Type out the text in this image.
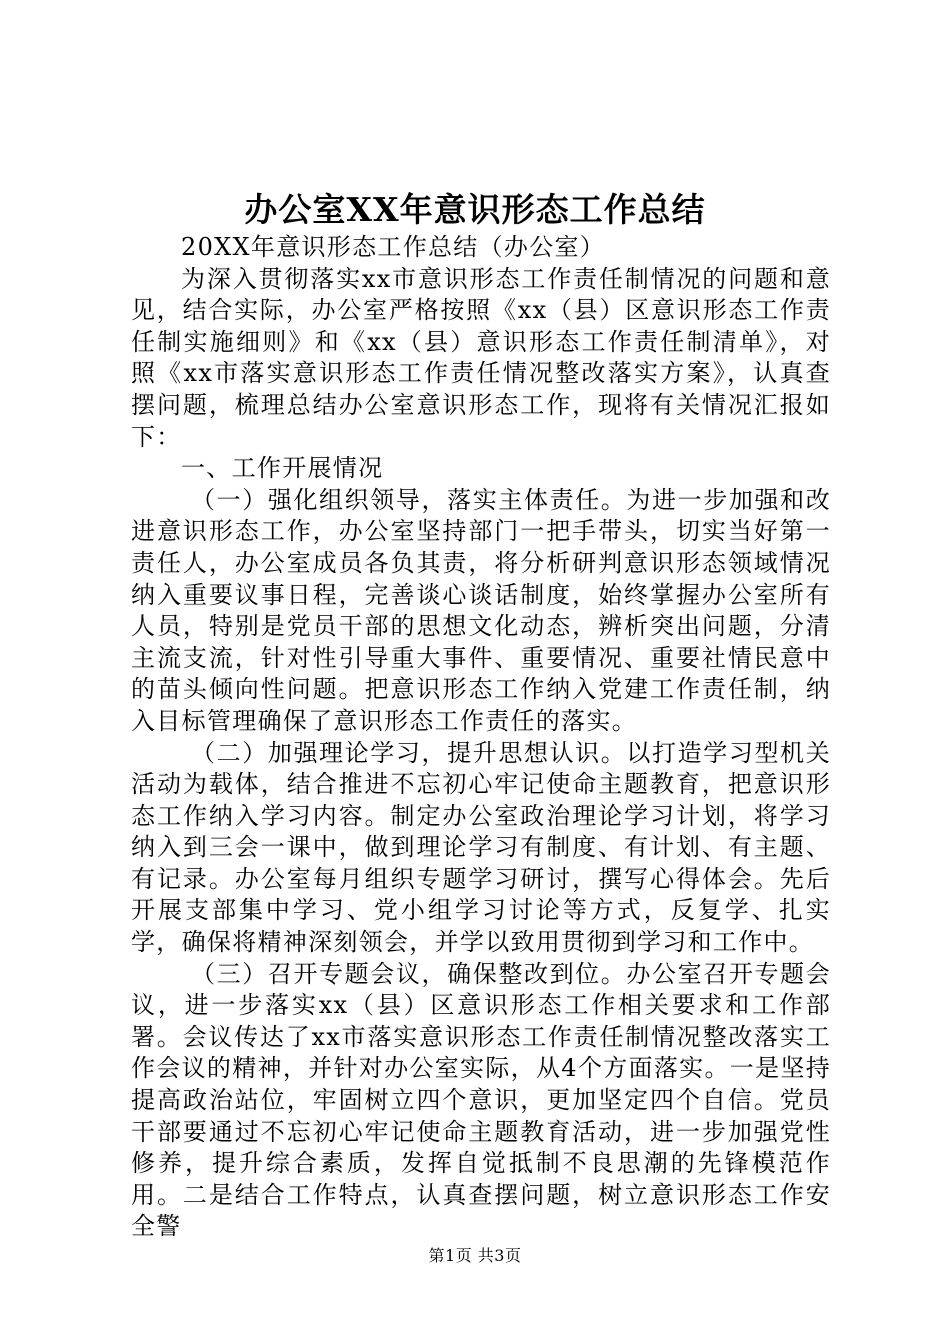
办公室XX年意识形态工作总结

20XX年意识形态工作总结（办公室）

为深入贯彻落实xx市意识形态工作责任制情况的问题和意见，结合实际，办公室严格按照《xx（县）区意识形态工作责任制实施细则》和《xx（县）意识形态工作责任制清单》，对照《xx市落实意识形态工作责任情况整改落实方案》，认真查摆问题，梳理总结办公室意识形态工作，现将有关情况汇报如下：

一、工作开展情况

（一）强化组织领导，落实主体责任。为进一步加强和改进意识形态工作，办公室坚持部门一把手带头，切实当好第一责任人，办公室成员各负其责，将分析研判意识形态领域情况纳入重要议事日程，完善谈心谈话制度，始终掌握办公室所有人员，特别是党员干部的思想文化动态，辨析突出问题，分清主流支流，针对性引导重大事件、重要情况、重要社情民意中的苗头倾向性问题。把意识形态工作纳入党建工作责任制，纳入目标管理确保了意识形态工作责任的落实。

（二）加强理论学习，提升思想认识。以打造学习型机关活动为载体，结合推进不忘初心牢记使命主题教育，把意识形态工作纳入学习内容。制定办公室政治理论学习计划，将学习纳入到三会一课中，做到理论学习有制度、有计划、有主题、有记录。办公室每月组织专题学习研讨，撰写心得体会。先后开展支部集中学习、党小组学习讨论等方式，反复学、扎实学，确保将精神深刻领会，并学以致用贯彻到学习和工作中。

（三）召开专题会议，确保整改到位。办公室召开专题会议，进一步落实xx（县）区意识形态工作相关要求和工作部署。会议传达了xx市落实意识形态工作责任制情况整改落实工作会议的精神，并针对办公室实际，从4个方面落实。一是坚持提高政治站位，牢固树立四个意识，更加坚定四个自信。党员干部要通过不忘初心牢记使命主题教育活动，进一步加强党性修养，提升综合素质，发挥自觉抵制不良思潮的先锋模范作用。二是结合工作特点，认真查摆问题，树立意识形态工作安全警

第1页 共3页
